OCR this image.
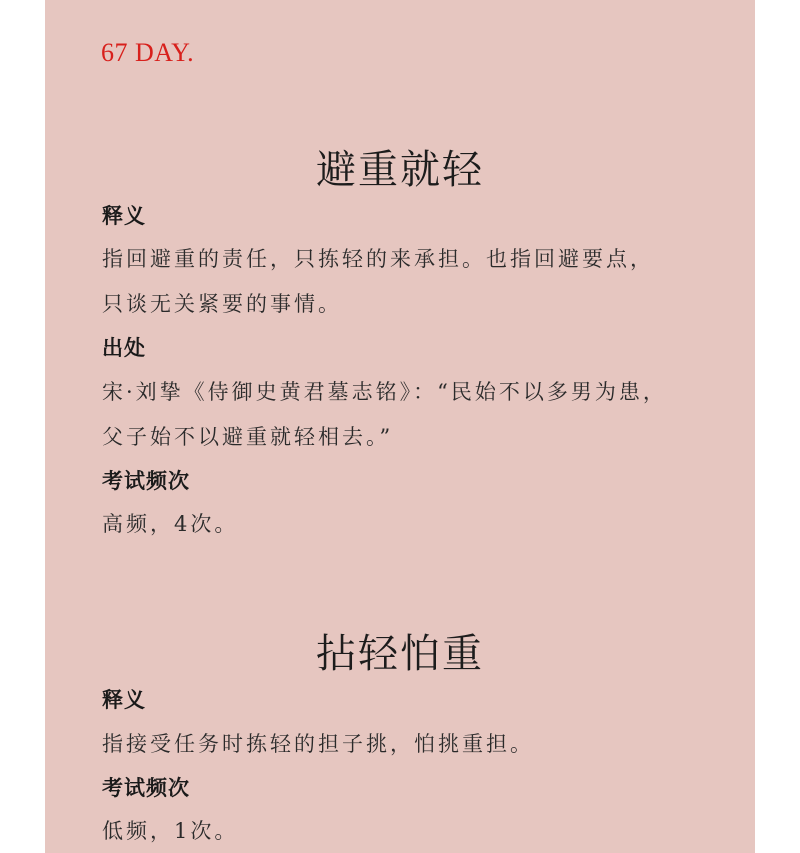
67 DAY.
避重就轻
释义
指回避重的责任，只拣轻的来承担。也指回避要点，
只谈无关紧要的事情。
出处
宋·刘挚《侍御史黄君墓志铭》：“民始不以多男为患，
父子始不以避重就轻相去。”
考试频次
高频，4次。
拈轻怕重
释义
指接受任务时拣轻的担子挑，怕挑重担。
考试频次
低频，1次。
